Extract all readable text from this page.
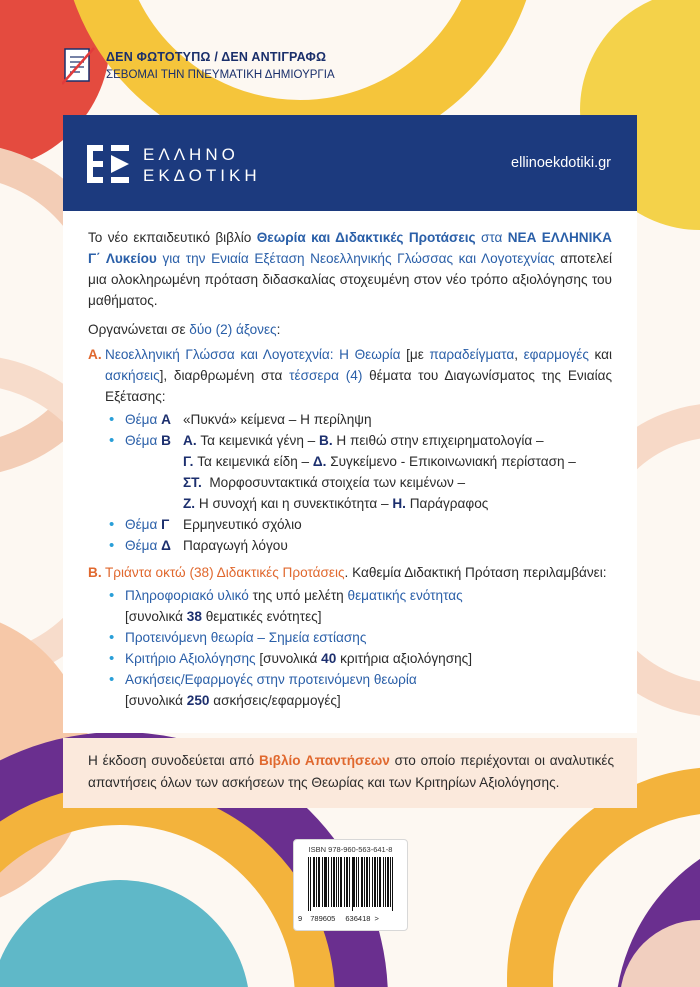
ΔΕΝ ΦΩΤΟΤΥΠΩ / ΔΕΝ ΑΝΤΙΓΡΑΦΩ
ΣΕΒΟΜΑΙ ΤΗΝ ΠΝΕΥΜΑΤΙΚΗ ΔΗΜΙΟΥΡΓΙΑ
ΕΛΛΗΝΟ
ΕΚΔΟΤΙΚΗ
ellinoekdotiki.gr

Το νέο εκπαιδευτικό βιβλίο Θεωρία και Διδακτικές Προτάσεις στα ΝΕΑ ΕΛΛΗΝΙΚΑ Γ΄ Λυκείου για την Ενιαία Εξέταση Νεοελληνικής Γλώσσας και Λογοτεχνίας αποτελεί μια ολοκληρωμένη πρόταση διδασκαλίας στοχευμένη στον νέο τρόπο αξιολόγησης του μαθήματος.

Οργανώνεται σε δύο (2) άξονες:

Α. Νεοελληνική Γλώσσα και Λογοτεχνία: Η Θεωρία [με παραδείγματα, εφαρμογές και ασκήσεις], διαρθρωμένη στα τέσσερα (4) θέματα του Διαγωνίσματος της Ενιαίας Εξέτασης:
• Θέμα Α «Πυκνά» κείμενα – Η περίληψη
• Θέμα Β Α. Τα κειμενικά γένη – Β. Η πειθώ στην επιχειρηματολογία –
Γ. Τα κειμενικά είδη – Δ. Συγκείμενο - Επικοινωνιακή περίσταση –
ΣΤ. Μορφοσυντακτικά στοιχεία των κειμένων –
Ζ. Η συνοχή και η συνεκτικότητα – Η. Παράγραφος
• Θέμα Γ	Ερμηνευτικό σχόλιο
• Θέμα Δ Παραγωγή λόγου
Β. Τριάντα οκτώ (38) Διδακτικές Προτάσεις. Καθεμία Διδακτική Πρόταση περιλαμβάνει:
• Πληροφοριακό υλικό της υπό μελέτη θεματικής ενότητας
[συνολικά 38 θεματικές ενότητες]
• Προτεινόμενη θεωρία – Σημεία εστίασης
• Κριτήριο Αξιολόγησης [συνολικά 40 κριτήρια αξιολόγησης]
• Ασκήσεις/Εφαρμογές στην προτεινόμενη θεωρία
[συνολικά 250 ασκήσεις/εφαρμογές]
Η έκδοση συνοδεύεται από Βιβλίο Απαντήσεων στο οποίο περιέχονται οι αναλυτικές απαντήσεις όλων των ασκήσεων της Θεωρίας και των Κριτηρίων Αξιολόγησης.
ISBN 978-960-563-641-8
9 789605 636418 >
